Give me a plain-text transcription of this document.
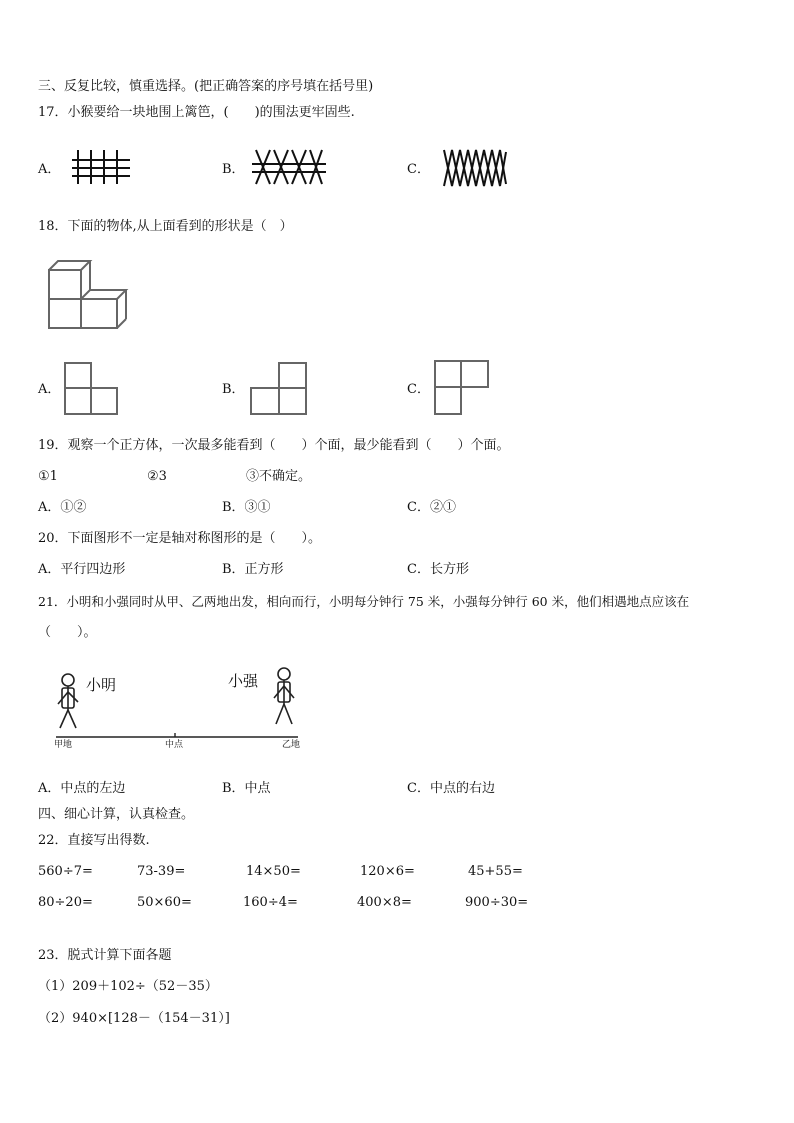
三、反复比较，慎重选择。(把正确答案的序号填在括号里)
17．小猴要给一块地围上篱笆，(　　)的围法更牢固些.
A．	B．	C．
18．下面的物体,从上面看到的形状是（　）
A．	B．	C．
19．观察一个正方体，一次最多能看到（　　）个面，最少能看到（　　）个面。
①1	②3	③不确定。
A．①②	B．③①	C．②①
20．下面图形不一定是轴对称图形的是（　　）。
A．平行四边形	B．正方形	C．长方形
21．小明和小强同时从甲、乙两地出发，相向而行，小明每分钟行 75 米，小强每分钟行 60 米，他们相遇地点应该在
（　　）。
小明	小强
甲地	中点	乙地
A．中点的左边	B．中点	C．中点的右边
四、细心计算，认真检查。
22．直接写出得数.
560÷7=	73-39=	14×50=	120×6=	45+55=
80÷20=	50×60=	160÷4=	400×8=	900÷30=
23．脱式计算下面各题
（1）209＋102÷（52－35）
（2）940×[128－（154－31）]
